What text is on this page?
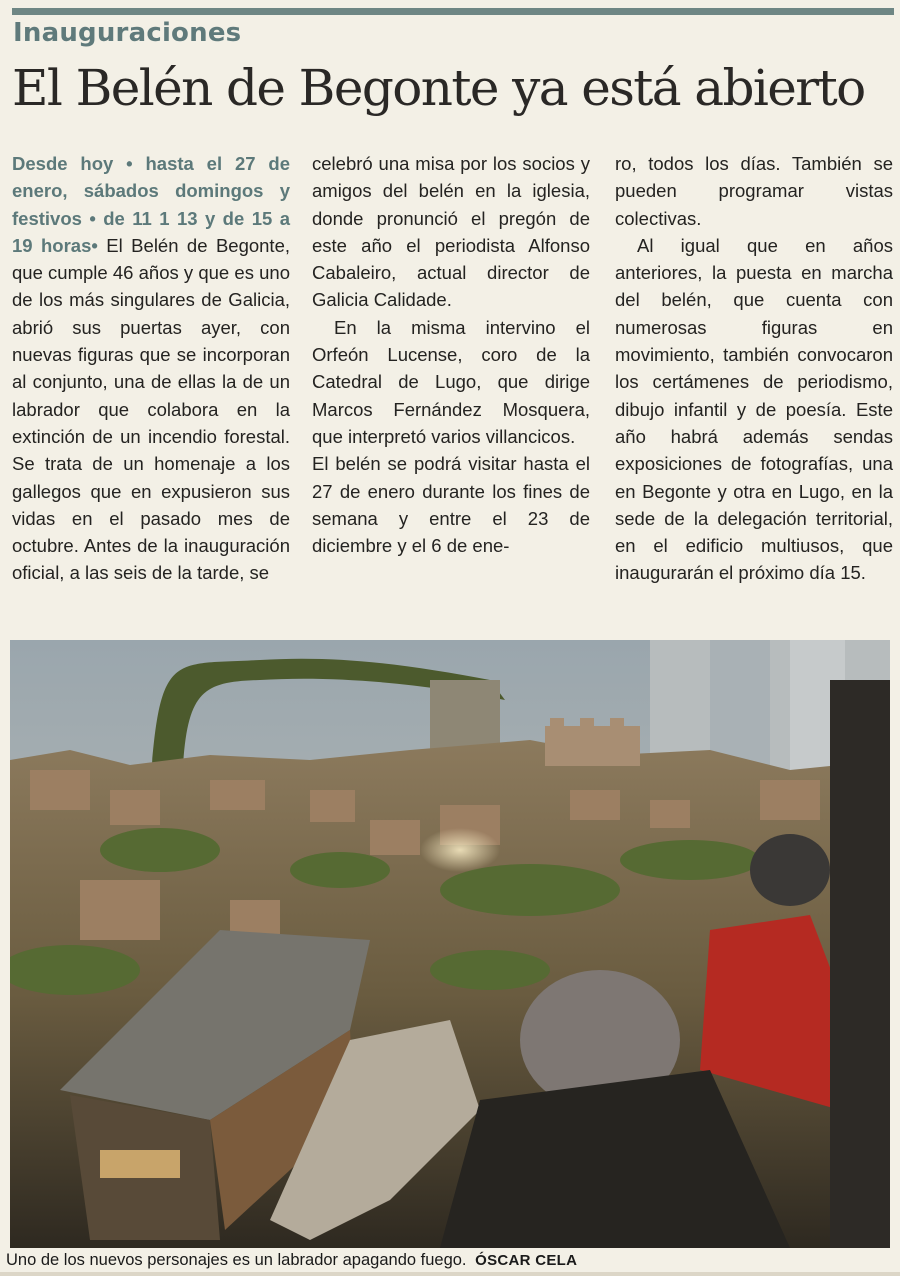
Inauguraciones
El Belén de Begonte ya está abierto

Desde hoy • hasta el 27 de enero, sábados domingos y festivos • de 11 1 13 y de 15 a 19 horas• El Belén de Begonte, que cumple 46 años y que es uno de los más singulares de Galicia, abrió sus puertas ayer, con nuevas figuras que se incorporan al conjunto, una de ellas la de un labrador que colabora en la extinción de un incendio forestal. Se trata de un homenaje a los gallegos que en expusieron sus vidas en el pasado mes de octubre. Antes de la inauguración oficial, a las seis de la tarde, se

celebró una misa por los socios y amigos del belén en la iglesia, donde pronunció el pregón de este año el periodista Alfonso Cabaleiro, actual director de Galicia Calidade.

En la misma intervino el Orfeón Lucense, coro de la Catedral de Lugo, que dirige Marcos Fernández Mosquera, que interpretó varios villancicos.

El belén se podrá visitar hasta el 27 de enero durante los fines de semana y entre el 23 de diciembre y el 6 de ene-

ro, todos los días. También se pueden programar vistas colectivas.

Al igual que en años anteriores, la puesta en marcha del belén, que cuenta con numerosas figuras en movimiento, también convocaron los certámenes de periodismo, dibujo infantil y de poesía. Este año habrá además sendas exposiciones de fotografías, una en Begonte y otra en Lugo, en la sede de la delegación territorial, en el edificio multiusos, que inaugurarán el próximo día 15.

Uno de los nuevos personajes es un labrador apagando fuego. ÓSCAR CELA
